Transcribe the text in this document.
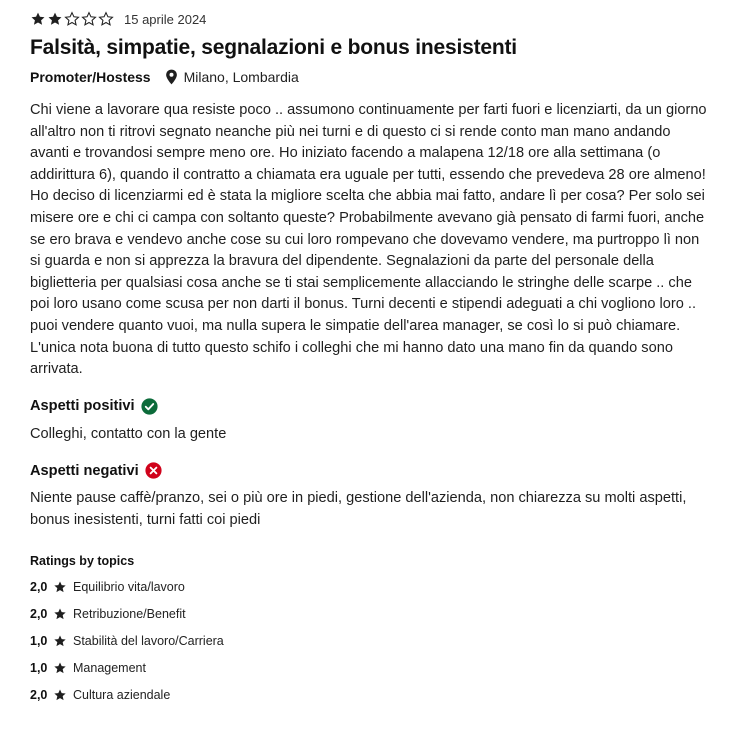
15 aprile 2024
Falsità, simpatie, segnalazioni e bonus inesistenti
Promoter/Hostess Milano, Lombardia

Chi viene a lavorare qua resiste poco .. assumono continuamente per farti fuori e licenziarti, da un giorno all'altro non ti ritrovi segnato neanche più nei turni e di questo ci si rende conto man mano andando avanti e trovandosi sempre meno ore. Ho iniziato facendo a malapena 12/18 ore alla settimana (o addirittura 6), quando il contratto a chiamata era uguale per tutti, essendo che prevedeva 28 ore almeno! Ho deciso di licenziarmi ed è stata la migliore scelta che abbia mai fatto, andare lì per cosa? Per solo sei misere ore e chi ci campa con soltanto queste? Probabilmente avevano già pensato di farmi fuori, anche se ero brava e vendevo anche cose su cui loro rompevano che dovevamo vendere, ma purtroppo lì non si guarda e non si apprezza la bravura del dipendente. Segnalazioni da parte del personale della biglietteria per qualsiasi cosa anche se ti stai semplicemente allacciando le stringhe delle scarpe .. che poi loro usano come scusa per non darti il bonus. Turni decenti e stipendi adeguati a chi vogliono loro .. puoi vendere quanto vuoi, ma nulla supera le simpatie dell'area manager, se così lo si può chiamare. L'unica nota buona di tutto questo schifo i colleghi che mi hanno dato una mano fin da quando sono arrivata.

Aspetti positivi
Colleghi, contatto con la gente
Aspetti negativi
Niente pause caffè/pranzo, sei o più ore in piedi, gestione dell'azienda, non chiarezza su molti aspetti, bonus inesistenti, turni fatti coi piedi
Ratings by topics
2,0 Equilibrio vita/lavoro
2,0 Retribuzione/Benefit
1,0 Stabilità del lavoro/Carriera
1,0 Management
2,0 Cultura aziendale
